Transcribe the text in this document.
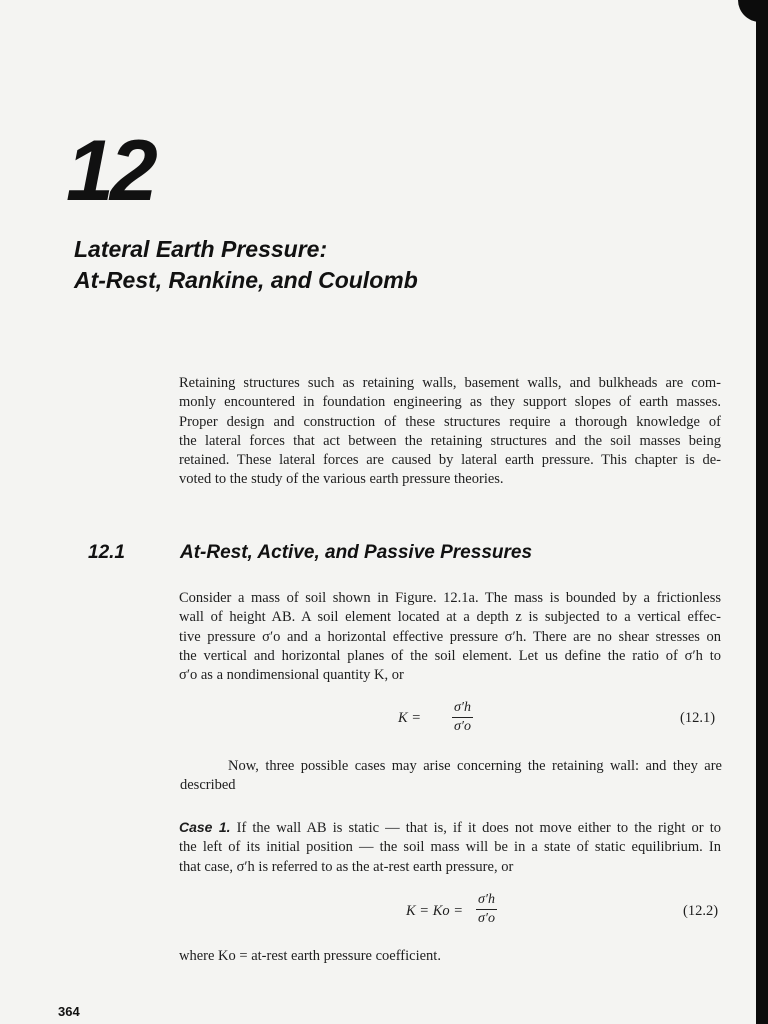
12
Lateral Earth Pressure:
At-Rest, Rankine, and Coulomb
Retaining structures such as retaining walls, basement walls, and bulkheads are com-
monly encountered in foundation engineering as they support slopes of earth masses.
Proper design and construction of these structures require a thorough knowledge of
the lateral forces that act between the retaining structures and the soil masses being
retained. These lateral forces are caused by lateral earth pressure. This chapter is de-
voted to the study of the various earth pressure theories.
12.1	At-Rest, Active, and Passive Pressures
Consider a mass of soil shown in Figure. 12.1a. The mass is bounded by a frictionless
wall of height AB. A soil element located at a depth z is subjected to a vertical effec-
tive pressure σ′o and a horizontal effective pressure σ′h. There are no shear stresses on
the vertical and horizontal planes of the soil element. Let us define the ratio of σ′h to
σ′o as a nondimensional quantity K, or
$K = \frac{\sigma'h}{\sigma'o}$	(12.1)
Now, three possible cases may arise concerning the retaining wall: and they are
described
Case 1. If the wall AB is static — that is, if it does not move either to the right or to
the left of its initial position — the soil mass will be in a state of static equilibrium. In
that case, σ′h is referred to as the at-rest earth pressure, or
$K = Ko = \frac{\sigma'h}{\sigma'o}$	(12.2)
where Ko = at-rest earth pressure coefficient.
364
